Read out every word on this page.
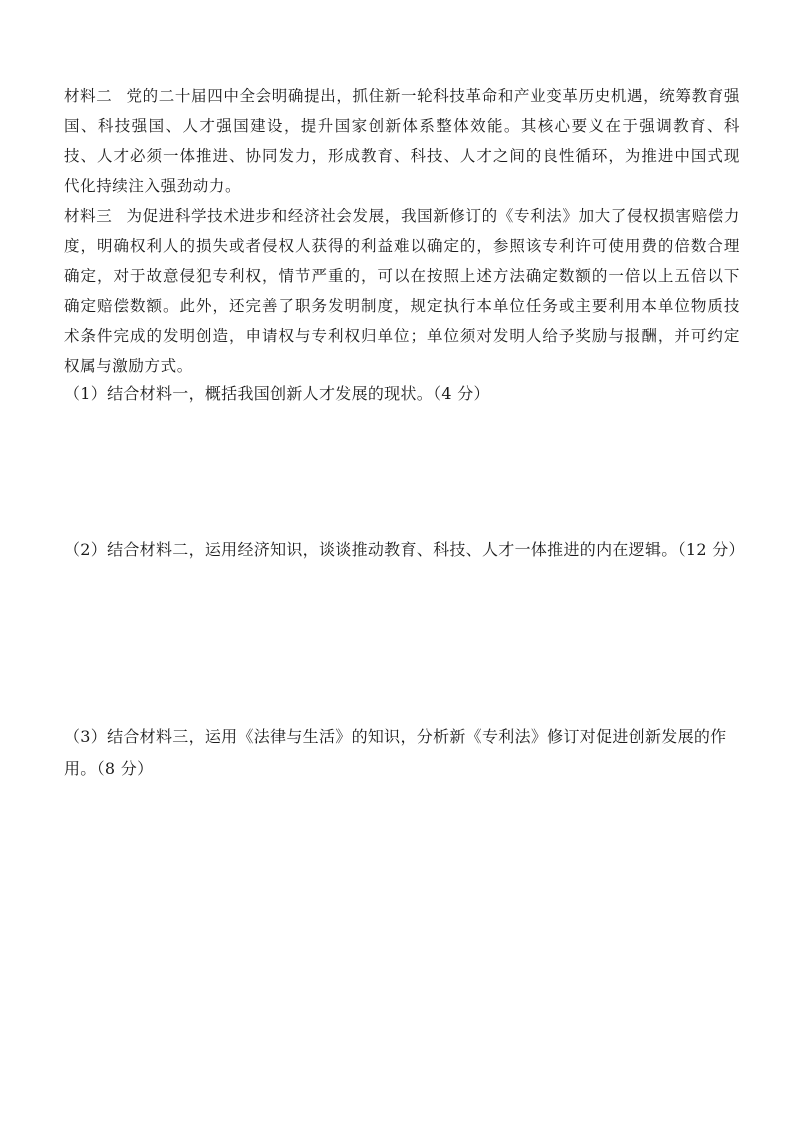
材料二 党的二十届四中全会明确提出，抓住新一轮科技革命和产业变革历史机遇，统筹教育强国、科技强国、人才强国建设，提升国家创新体系整体效能。其核心要义在于强调教育、科技、人才必须一体推进、协同发力，形成教育、科技、人才之间的良性循环，为推进中国式现代化持续注入强劲动力。
材料三 为促进科学技术进步和经济社会发展，我国新修订的《专利法》加大了侵权损害赔偿力度，明确权利人的损失或者侵权人获得的利益难以确定的，参照该专利许可使用费的倍数合理确定，对于故意侵犯专利权，情节严重的，可以在按照上述方法确定数额的一倍以上五倍以下确定赔偿数额。此外，还完善了职务发明制度，规定执行本单位任务或主要利用本单位物质技术条件完成的发明创造，申请权与专利权归单位；单位须对发明人给予奖励与报酬，并可约定权属与激励方式。
（1）结合材料一，概括我国创新人才发展的现状。（4 分）
（2）结合材料二，运用经济知识，谈谈推动教育、科技、人才一体推进的内在逻辑。（12 分）
（3）结合材料三，运用《法律与生活》的知识，分析新《专利法》修订对促进创新发展的作用。（8 分）
